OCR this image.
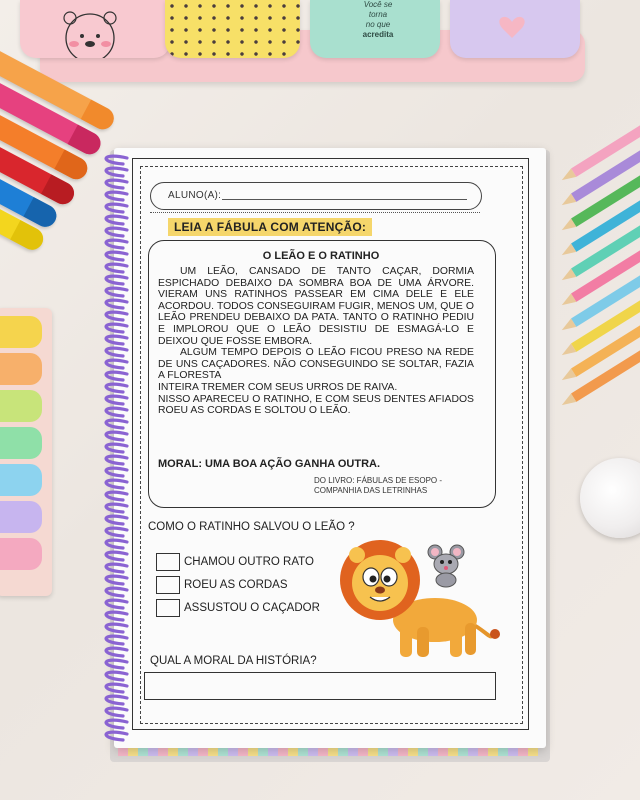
Você se
torna
no que
acredita
ALUNO(A):
LEIA A FÁBULA COM ATENÇÃO:
O LEÃO E O RATINHO

UM LEÃO, CANSADO DE TANTO CAÇAR, DORMIA ESPICHADO DEBAIXO DA SOMBRA BOA DE UMA ÁRVORE. VIERAM UNS RATINHOS PASSEAR EM CIMA DELE E ELE ACORDOU. TODOS CONSEGUIRAM FUGIR, MENOS UM, QUE O LEÃO PRENDEU DEBAIXO DA PATA. TANTO O RATINHO PEDIU E IMPLOROU QUE O LEÃO DESISTIU DE ESMAGÁ-LO E DEIXOU QUE FOSSE EMBORA.

ALGUM TEMPO DEPOIS O LEÃO FICOU PRESO NA REDE DE UNS CAÇADORES. NÃO CONSEGUINDO SE SOLTAR, FAZIA A FLORESTA

INTEIRA TREMER COM SEUS URROS DE RAIVA.

NISSO APARECEU O RATINHO, E COM SEUS DENTES AFIADOS ROEU AS CORDAS E SOLTOU O LEÃO.

MORAL: UMA BOA AÇÃO GANHA OUTRA.
DO LIVRO: FÁBULAS DE ESOPO -
COMPANHIA DAS LETRINHAS
COMO O RATINHO SALVOU O LEÃO ?
CHAMOU OUTRO RATO
ROEU AS CORDAS
ASSUSTOU O CAÇADOR
QUAL A MORAL DA HISTÓRIA?
